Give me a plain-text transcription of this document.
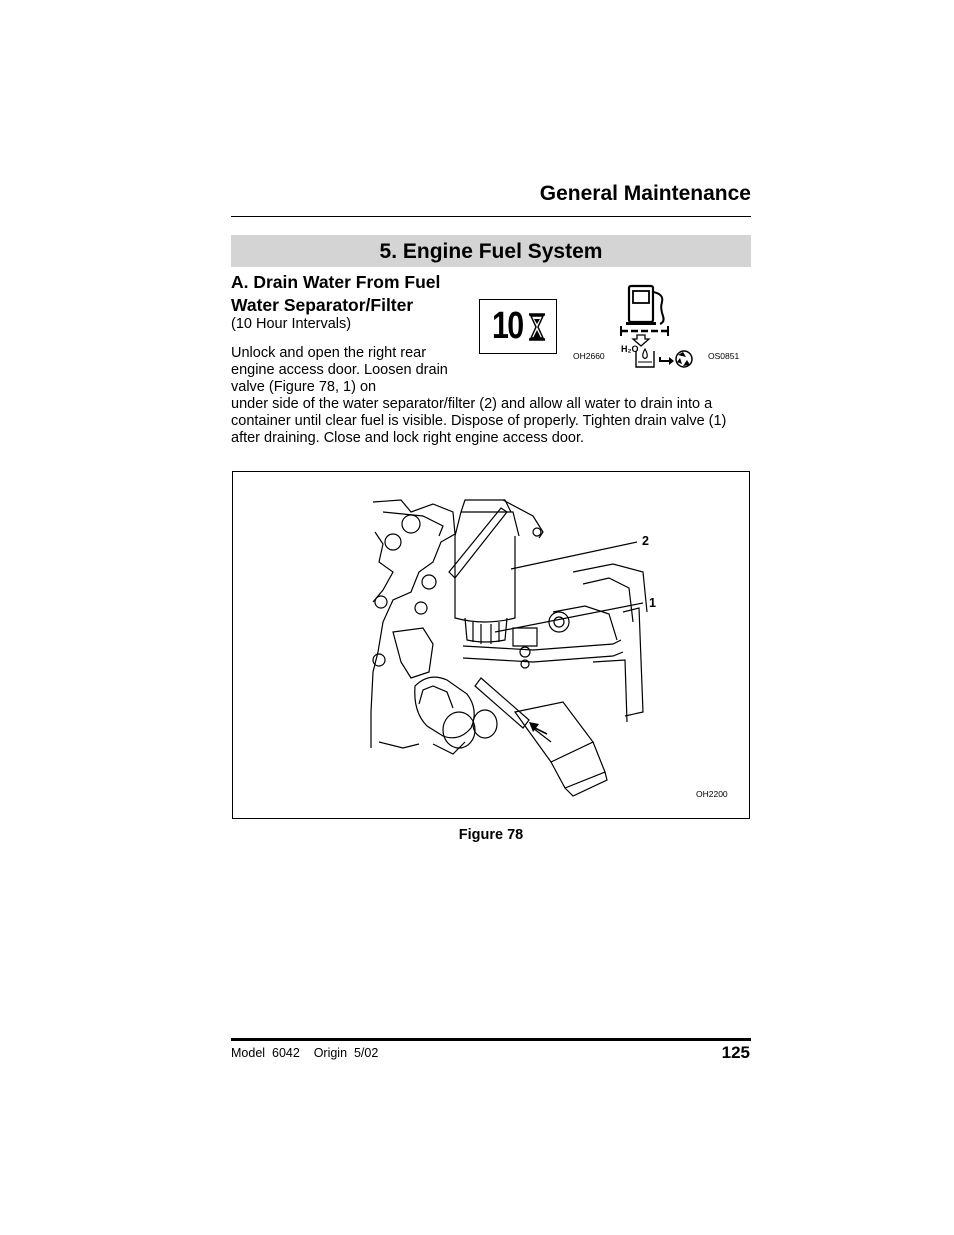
General Maintenance
5. Engine Fuel System
A. Drain Water From Fuel Water Separator/Filter
(10 Hour Intervals)
Unlock and open the right rear engine access door. Loosen drain valve (Figure 78, 1) on
under side of the water separator/filter (2) and allow all water to drain into a container until clear fuel is visible. Dispose of properly. Tighten drain valve (1) after draining. Close and lock right engine access door.
10
OH2660
H₂O
OS0851
2
1
OH2200
Figure 78
Model  6042    Origin  5/02	125
